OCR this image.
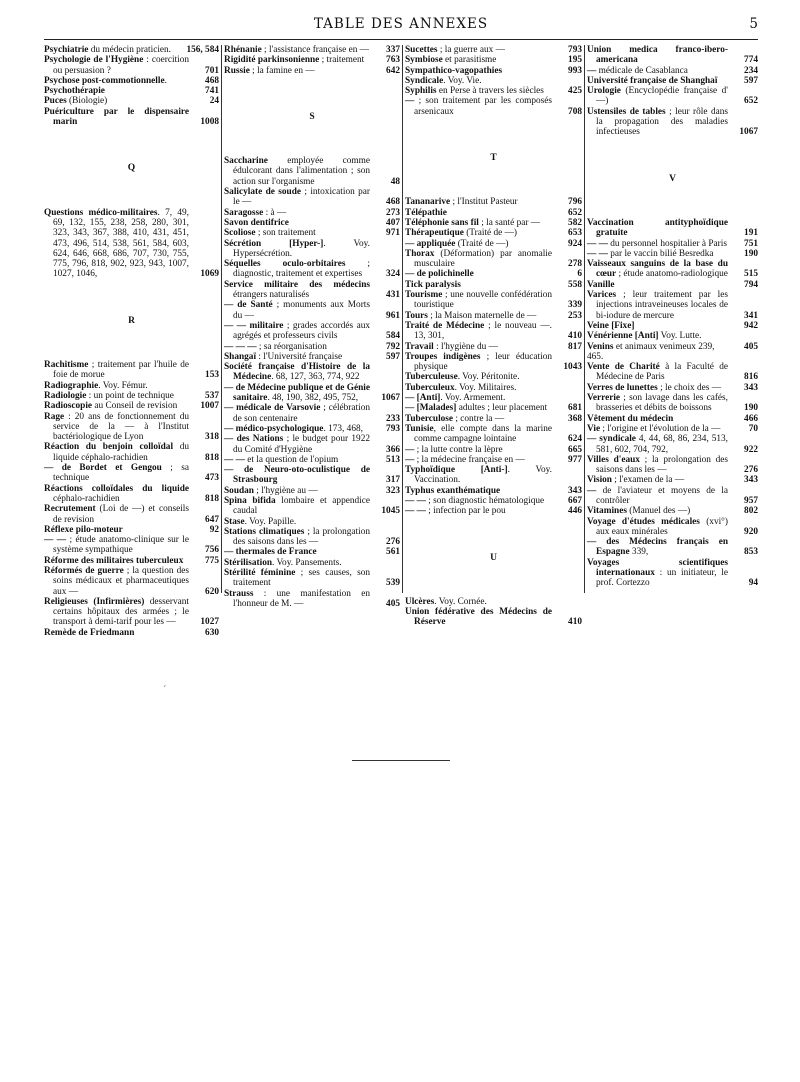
TABLE DES ANNEXES	5
Psychiatrie du médecin praticien. 156, 584
Psychologie de l'Hygiène : coercition ou persuasion ?	701
Psychose post-commotionnelle.	468
Psychothérapie	741
Puces (Biologie)	24
Puériculture par le dispensaire marin	1008
Q
Questions médico-militaires. 7, 49, 69, 132, 155, 238, 258, 280, 301, 323, 343, 367, 388, 410, 431, 451, 473, 496, 514, 538, 561, 584, 603, 624, 646, 668, 686, 707, 730, 755, 775, 796, 818, 902, 923, 943, 1007, 1027, 1046,	1069
R
Rachitisme ; traitement par l'huile de foie de morue	153
Radiographie. Voy. Fémur.
Radiologie : un point de technique	537
Radioscopie au Conseil de revision 1007
Rage : 20 ans de fonctionnement du service de la — à l'Institut bactériologique de Lyon	318
Réaction du benjoin colloïdal du liquide céphalo-rachidien	818
— de Bordet et Gengou ; sa technique	473
Réactions colloïdales du liquide céphalo-rachidien	818
Recrutement (Loi de —) et conseils de revision	647
Réflexe pilo-moteur	92
— — ; étude anatomo-clinique sur le système sympathique	756
Réforme des militaires tuberculeux 775
Réformés de guerre ; la question des soins médicaux et pharmaceutiques aux —	620
Religieuses (Infirmières) desservant certains hôpitaux des armées ; le transport à demi-tarif pour les —	1027
Remède de Friedmann	630
Rhénanie ; l'assistance française en — 337
Rigidité parkinsonienne ; traitement 763
Russie ; la famine en —	642
S
Saccharine employée comme édulcorant dans l'alimentation ; son action sur l'organisme	48
Salicylate de soude ; intoxication par le —	468
Saragosse : à —	273
Savon dentifrice	407
Scoliose ; son traitement	971
Sécrétion [Hyper-]. Voy. Hypersécrétion.
Séquelles oculo-orbitaires ; diagnostic, traitement et expertises	324
Service militaire des médecins étrangers naturalisés	431
— de Santé ; monuments aux Morts du —	961
— — militaire ; grades accordés aux agrégés et professeurs civils	584
— — — ; sa réorganisation	792
Shangaï : l'Université française	597
Société française d'Histoire de la Médecine. 68, 127, 363, 774, 922
— de Médecine publique et de Génie sanitaire. 48, 190, 382, 495, 752,	1067
— médicale de Varsovie ; célébration de son centenaire	233
— médico-psychologique. 173, 468, 793
— des Nations ; le budget pour 1922 du Comité d'Hygiène	366
— — et la question de l'opium	513
— de Neuro-oto-oculistique de Strasbourg	317
Soudan ; l'hygiène au —	323
Spina bifida lombaire et appendice caudal	1045
Stase. Voy. Papille.
Stations climatiques ; la prolongation des saisons dans les —	276
— thermales de France	561
Stérilisation. Voy. Pansements.
Stérilité féminine ; ses causes, son traitement	539
Strauss : une manifestation en l'honneur de M. —	405
Sucettes ; la guerre aux —	793
Symbiose et parasitisme	195
Sympathico-vagopathies	993
Syndicale. Voy. Vie.
Syphilis en Perse à travers les siècles	425
— ; son traitement par les composés arsenicaux	708
T
Tananarive ; l'Institut Pasteur	796
Télépathie	652
Téléphonie sans fil ; la santé par —	582
Thérapeutique (Traité de —)	653
— appliquée (Traité de —)	924
Thorax (Déformation) par anomalie musculaire	278
— de polichinelle	6
Tick paralysis	558
Tourisme ; une nouvelle confédération touristique	339
Tours ; la Maison maternelle de —	253
Traité de Médecine ; le nouveau —. 13, 301,	410
Travail : l'hygiène du —	817
Troupes indigènes ; leur éducation physique	1043
Tuberculeuse. Voy. Péritonite.
Tuberculeux. Voy. Militaires.
— [Anti]. Voy. Armement.
— [Malades] adultes ; leur placement 681
Tuberculose ; contre la —	368
Tunisie, elle compte dans la marine comme campagne lointaine	624
— ; la lutte contre la lèpre	665
— ; la médecine française en —	977
Typhoïdique [Anti-]. Voy. Vaccination.
Typhus exanthématique	343
— — ; son diagnostic hématologique	667
— — ; infection par le pou	446
U
Ulcères. Voy. Cornée.
Union fédérative des Médecins de Réserve	410
Union medica franco-ibero-americana	774
— médicale de Casablanca	234
Université française de Shanghaï	597
Urologie (Encyclopédie française d' —)	652
Ustensiles de tables ; leur rôle dans la propagation des maladies infectieuses	1067
V
Vaccination antityphoïdique gratuite	191
— — du personnel hospitalier à Paris 751
— — par le vaccin bilié Besredka	190
Vaisseaux sanguins de la base du cœur ; étude anatomo-radiologique 515
Vanille	794
Varices ; leur traitement par les injections intraveineuses locales de bi-iodure de mercure	341
Veine [Fixe]	942
Vénérienne [Anti] Voy. Lutte.
Venins et animaux venimeux 239,	405
465.
Vente de Charité à la Faculté de Médecine de Paris	816
Verres de lunettes ; le choix des — 343
Verrerie ; son lavage dans les cafés, brasseries et débits de boissons	190
Vêtement du médecin	466
Vie ; l'origine et l'évolution de la —	70
— syndicale 4, 44, 68, 86, 234, 513, 581, 602, 704, 792,	922
Villes d'eaux ; la prolongation des saisons dans les —	276
Vision ; l'examen de la —	343
— de l'aviateur et moyens de la contrôler	957
Vitamines (Manuel des —)	802
Voyage d'études médicales (xvi°) aux eaux minérales	920
— des Médecins français en Espagne 339,	853
Voyages scientifiques internationaux : un initiateur, le prof. Cortezzo	94
´
